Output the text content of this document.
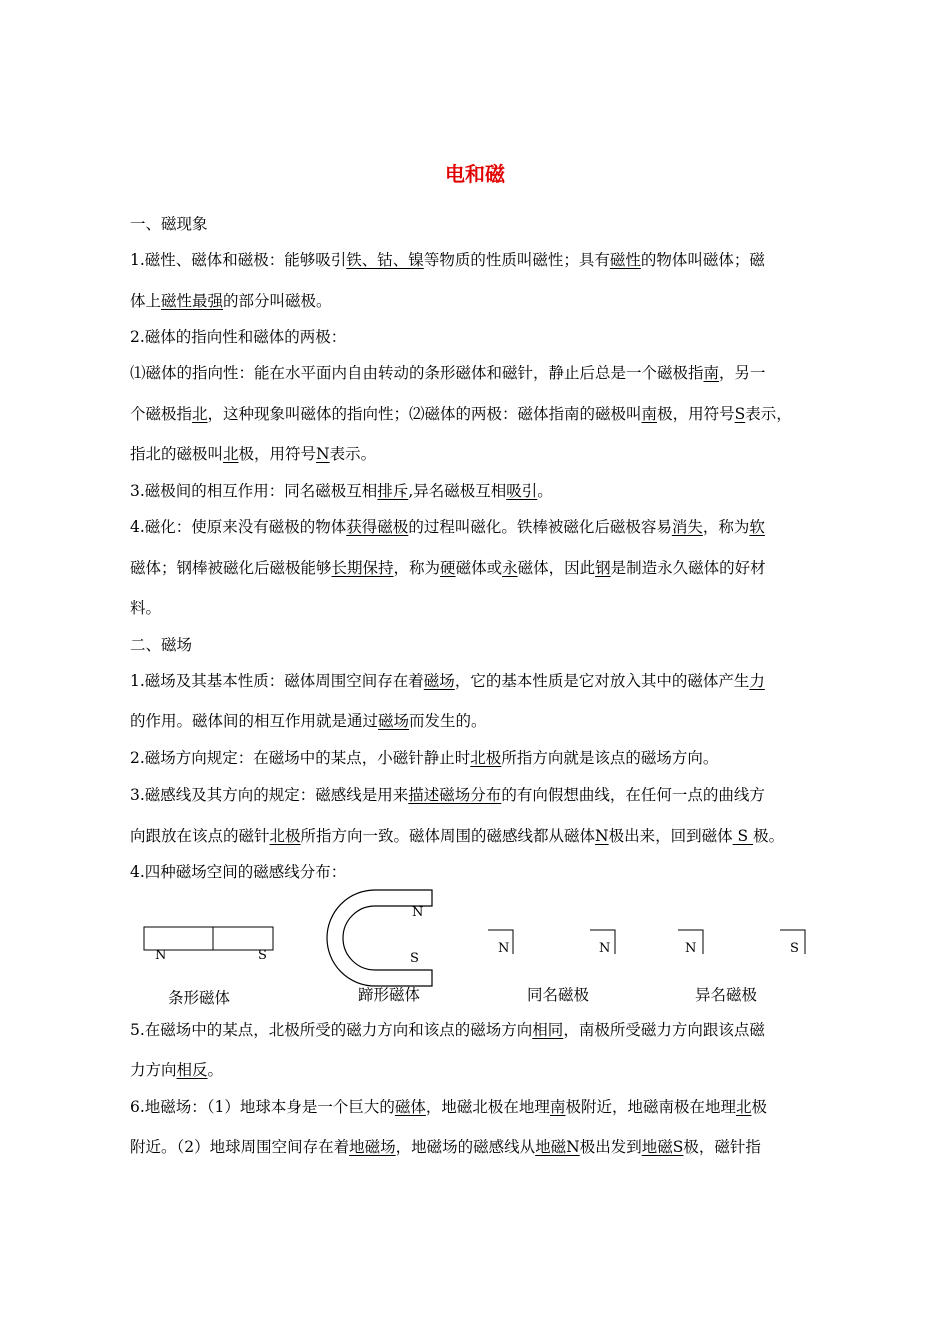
电和磁
一、磁现象
1.磁性、磁体和磁极：能够吸引铁、钴、镍等物质的性质叫磁性；具有磁性的物体叫磁体；磁
体上磁性最强的部分叫磁极。
2.磁体的指向性和磁体的两极：
⑴磁体的指向性：能在水平面内自由转动的条形磁体和磁针，静止后总是一个磁极指南，另一
个磁极指北，这种现象叫磁体的指向性；⑵磁体的两极：磁体指南的磁极叫南极，用符号S表示，
指北的磁极叫北极，用符号N表示。
3.磁极间的相互作用：同名磁极互相排斥,异名磁极互相吸引。
4.磁化：使原来没有磁极的物体获得磁极的过程叫磁化。铁棒被磁化后磁极容易消失，称为软
磁体；钢棒被磁化后磁极能够长期保持，称为硬磁体或永磁体，因此钢是制造永久磁体的好材
料。
二、磁场
1.磁场及其基本性质：磁体周围空间存在着磁场，它的基本性质是它对放入其中的磁体产生力
的作用。磁体间的相互作用就是通过磁场而发生的。
2.磁场方向规定：在磁场中的某点，小磁针静止时北极所指方向就是该点的磁场方向。
3.磁感线及其方向的规定：磁感线是用来描述磁场分布的有向假想曲线，在任何一点的曲线方
向跟放在该点的磁针北极所指方向一致。磁体周围的磁感线都从磁体N极出来，回到磁体 S 极。
4.四种磁场空间的磁感线分布：
N	S
N
S
N	N	N	S
条形磁体	蹄形磁体	同名磁极	异名磁极
5.在磁场中的某点，北极所受的磁力方向和该点的磁场方向相同，南极所受磁力方向跟该点磁
力方向相反。
6.地磁场：（1）地球本身是一个巨大的磁体，地磁北极在地理南极附近，地磁南极在地理北极
附近。（2）地球周围空间存在着地磁场，地磁场的磁感线从地磁N极出发到地磁S极，磁针指
